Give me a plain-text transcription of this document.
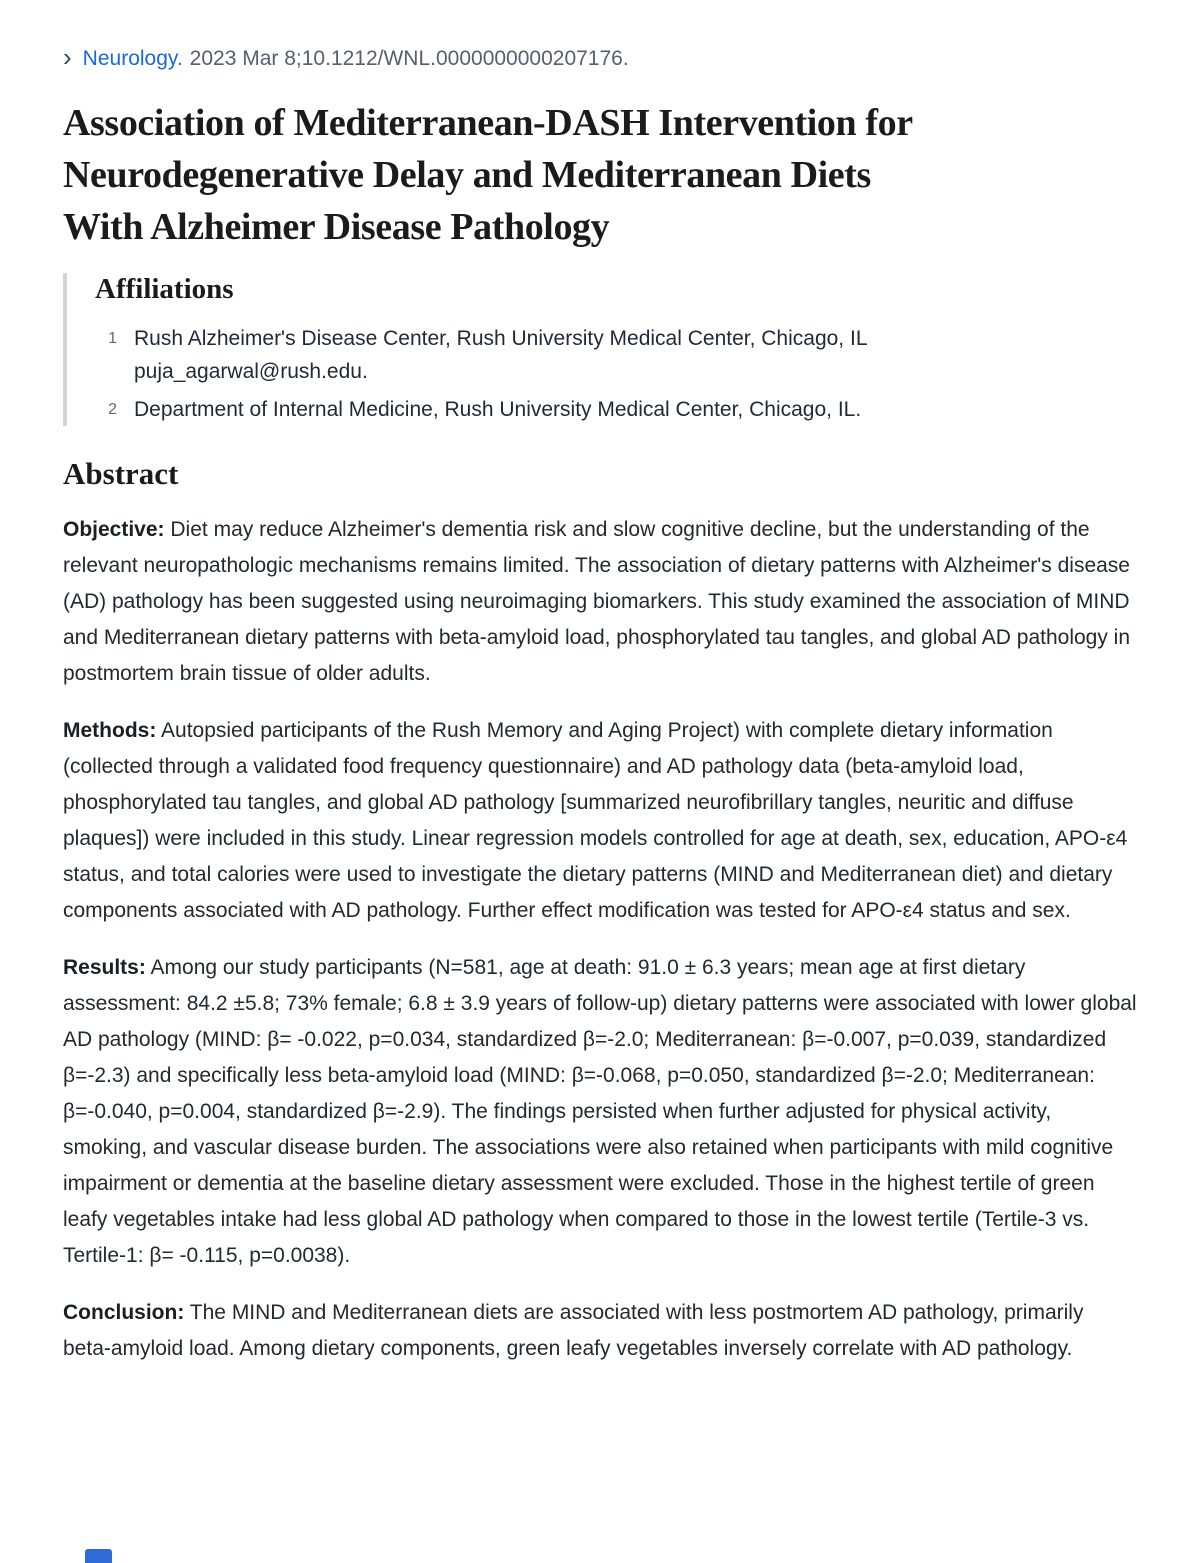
› Neurology. 2023 Mar 8;10.1212/WNL.0000000000207176.
Association of Mediterranean-DASH Intervention for
Neurodegenerative Delay and Mediterranean Diets
With Alzheimer Disease Pathology
Affiliations
1 Rush Alzheimer's Disease Center, Rush University Medical Center, Chicago, IL puja_agarwal@rush.edu.
2 Department of Internal Medicine, Rush University Medical Center, Chicago, IL.
Abstract

Objective: Diet may reduce Alzheimer's dementia risk and slow cognitive decline, but the understanding of the relevant neuropathologic mechanisms remains limited. The association of dietary patterns with Alzheimer's disease (AD) pathology has been suggested using neuroimaging biomarkers. This study examined the association of MIND and Mediterranean dietary patterns with beta-amyloid load, phosphorylated tau tangles, and global AD pathology in postmortem brain tissue of older adults.

Methods: Autopsied participants of the Rush Memory and Aging Project) with complete dietary information (collected through a validated food frequency questionnaire) and AD pathology data (beta-amyloid load, phosphorylated tau tangles, and global AD pathology [summarized neurofibrillary tangles, neuritic and diffuse plaques]) were included in this study. Linear regression models controlled for age at death, sex, education, APO-ε4 status, and total calories were used to investigate the dietary patterns (MIND and Mediterranean diet) and dietary components associated with AD pathology. Further effect modification was tested for APO-ε4 status and sex.

Results: Among our study participants (N=581, age at death: 91.0 ± 6.3 years; mean age at first dietary assessment: 84.2 ±5.8; 73% female; 6.8 ± 3.9 years of follow-up) dietary patterns were associated with lower global AD pathology (MIND: β= -0.022, p=0.034, standardized β=-2.0; Mediterranean: β=-0.007, p=0.039, standardized β=-2.3) and specifically less beta-amyloid load (MIND: β=-0.068, p=0.050, standardized β=-2.0; Mediterranean: β=-0.040, p=0.004, standardized β=-2.9). The findings persisted when further adjusted for physical activity, smoking, and vascular disease burden. The associations were also retained when participants with mild cognitive impairment or dementia at the baseline dietary assessment were excluded. Those in the highest tertile of green leafy vegetables intake had less global AD pathology when compared to those in the lowest tertile (Tertile-3 vs. Tertile-1: β= -0.115, p=0.0038).

Conclusion: The MIND and Mediterranean diets are associated with less postmortem AD pathology, primarily beta-amyloid load. Among dietary components, green leafy vegetables inversely correlate with AD pathology.
